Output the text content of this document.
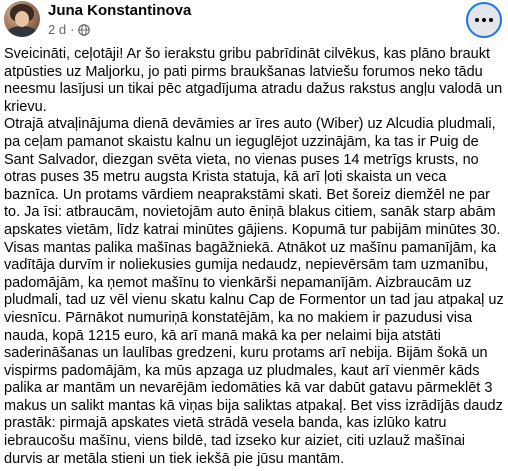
Juna Konstantinova
2 d ·

Sveicināti, ceļotāji! Ar šo ierakstu gribu pabrīdināt cilvēkus, kas plāno braukt atpūsties uz Maljorku, jo pati pirms braukšanas latviešu forumos neko tādu neesmu lasījusi un tikai pēc atgadījuma atradu dažus rakstus angļu valodā un krievu.

Otrajā atvaļinājuma dienā devāmies ar īres auto (Wiber) uz Alcudia pludmali, pa ceļam pamanot skaistu kalnu un ieguglējot uzzinājām, ka tas ir Puig de Sant Salvador, diezgan svēta vieta, no vienas puses 14 metrīgs krusts, no otras puses 35 metru augsta Krista statuja, kā arī ļoti skaista un veca baznīca. Un protams vārdiem neaprakstāmi skati. Bet šoreiz diemžēl ne par to. Ja īsi: atbraucām, novietojām auto ēniņā blakus citiem, sanāk starp abām apskates vietām, līdz katrai minūtes gājiens. Kopumā tur pabijām minūtes 30. Visas mantas palika mašīnas bagāžniekā. Atnākot uz mašīnu pamanījām, ka vadītāja durvīm ir noliekusies gumija nedaudz, nepievērsām tam uzmanību, padomājām, ka ņemot mašīnu to vienkārši nepamanījām. Aizbraucām uz pludmali, tad uz vēl vienu skatu kalnu Cap de Formentor un tad jau atpakaļ uz viesnīcu. Pārnākot numuriņā konstatējām, ka no makiem ir pazudusi visa nauda, kopā 1215 euro, kā arī manā makā ka per nelaimi bija atstāti saderināšanas un laulības gredzeni, kuru protams arī nebija. Bijām šokā un vispirms padomājām, ka mūs apzaga uz pludmales, kaut arī vienmēr kāds palika ar mantām un nevarējām iedomāties kā var dabūt gatavu pārmeklēt 3 makus un salikt mantas kā viņas bija saliktas atpakaļ. Bet viss izrādījās daudz prastāk: pirmajā apskates vietā strādā vesela banda, kas izlūko katru iebraucošu mašīnu, viens bildē, tad izseko kur aiziet, citi uzlauž mašīnai durvis ar metāla stieni un tiek iekšā pie jūsu mantām.
